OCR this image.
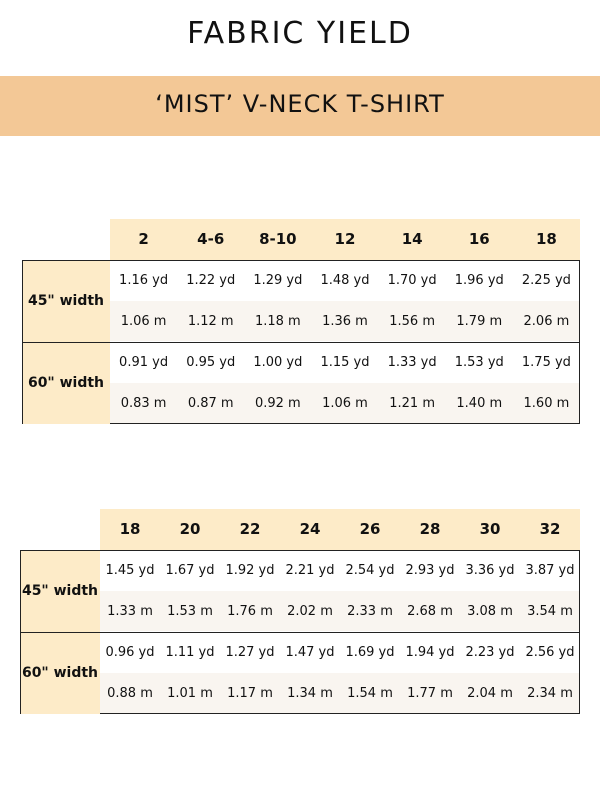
FABRIC YIELD
‘MIST’ V-NECK T-SHIRT
2	4-6	8-10	12	14	16	18
45" width
1.16 yd	1.22 yd	1.29 yd	1.48 yd	1.70 yd	1.96 yd	2.25 yd
1.06 m	1.12 m	1.18 m	1.36 m	1.56 m	1.79 m	2.06 m
60" width
0.91 yd	0.95 yd	1.00 yd	1.15 yd	1.33 yd	1.53 yd	1.75 yd
0.83 m	0.87 m	0.92 m	1.06 m	1.21 m	1.40 m	1.60 m
18	20	22	24	26	28	30	32
45" width
1.45 yd 1.67 yd 1.92 yd 2.21 yd 2.54 yd 2.93 yd 3.36 yd 3.87 yd
1.33 m	1.53 m	1.76 m	2.02 m	2.33 m	2.68 m	3.08 m	3.54 m
60" width
0.96 yd 1.11 yd 1.27 yd 1.47 yd 1.69 yd 1.94 yd 2.23 yd 2.56 yd
0.88 m	1.01 m	1.17 m	1.34 m	1.54 m	1.77 m	2.04 m	2.34 m
